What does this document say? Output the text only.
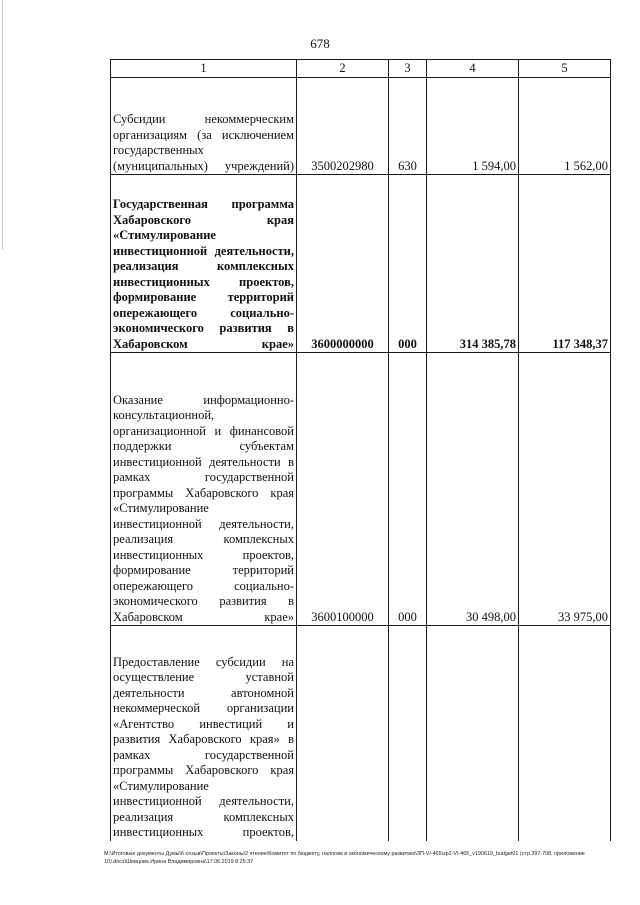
678
1	2	3	4	5
Субсидии некоммерческим организациям (за исключением государственных (муниципальных) учреждений)	3500202980	630	1 594,00	1 562,00
Государственная программа Хабаровского края «Стимулирование инвестиционной деятельности, реализация комплексных инвестиционных проектов, формирование территорий опережающего социально-экономического развития в Хабаровском крае»	3600000000	000	314 385,78	117 348,37
Оказание информационно-консультационной, организационной и финансовой поддержки субъектам инвестиционной деятельности в рамках государственной программы Хабаровского края «Стимулирование инвестиционной деятельности, реализация комплексных инвестиционных проектов, формирование территорий опережающего социально-экономического развития в Хабаровском крае»	3600100000	000	30 498,00	33 975,00
Предоставление субсидии на осуществление уставной деятельности автономной некоммерческой организации «Агентство инвестиций и развития Хабаровского края» в рамках государственной программы Хабаровского края «Стимулирование инвестиционной деятельности, реализация комплексных инвестиционных проектов,				
М:\Итоговые документы Думы\6 созыв\Проекты\Законы\2 чтение\Комитет по бюджету, налогам и экономическому развитию\ЗП-VI-465\зp2-VI-465_v190619_budget01 (стр.397-708, приложение 10).docx\Шевцова Ирина Владимировна\17.06.2019 8:25:37
